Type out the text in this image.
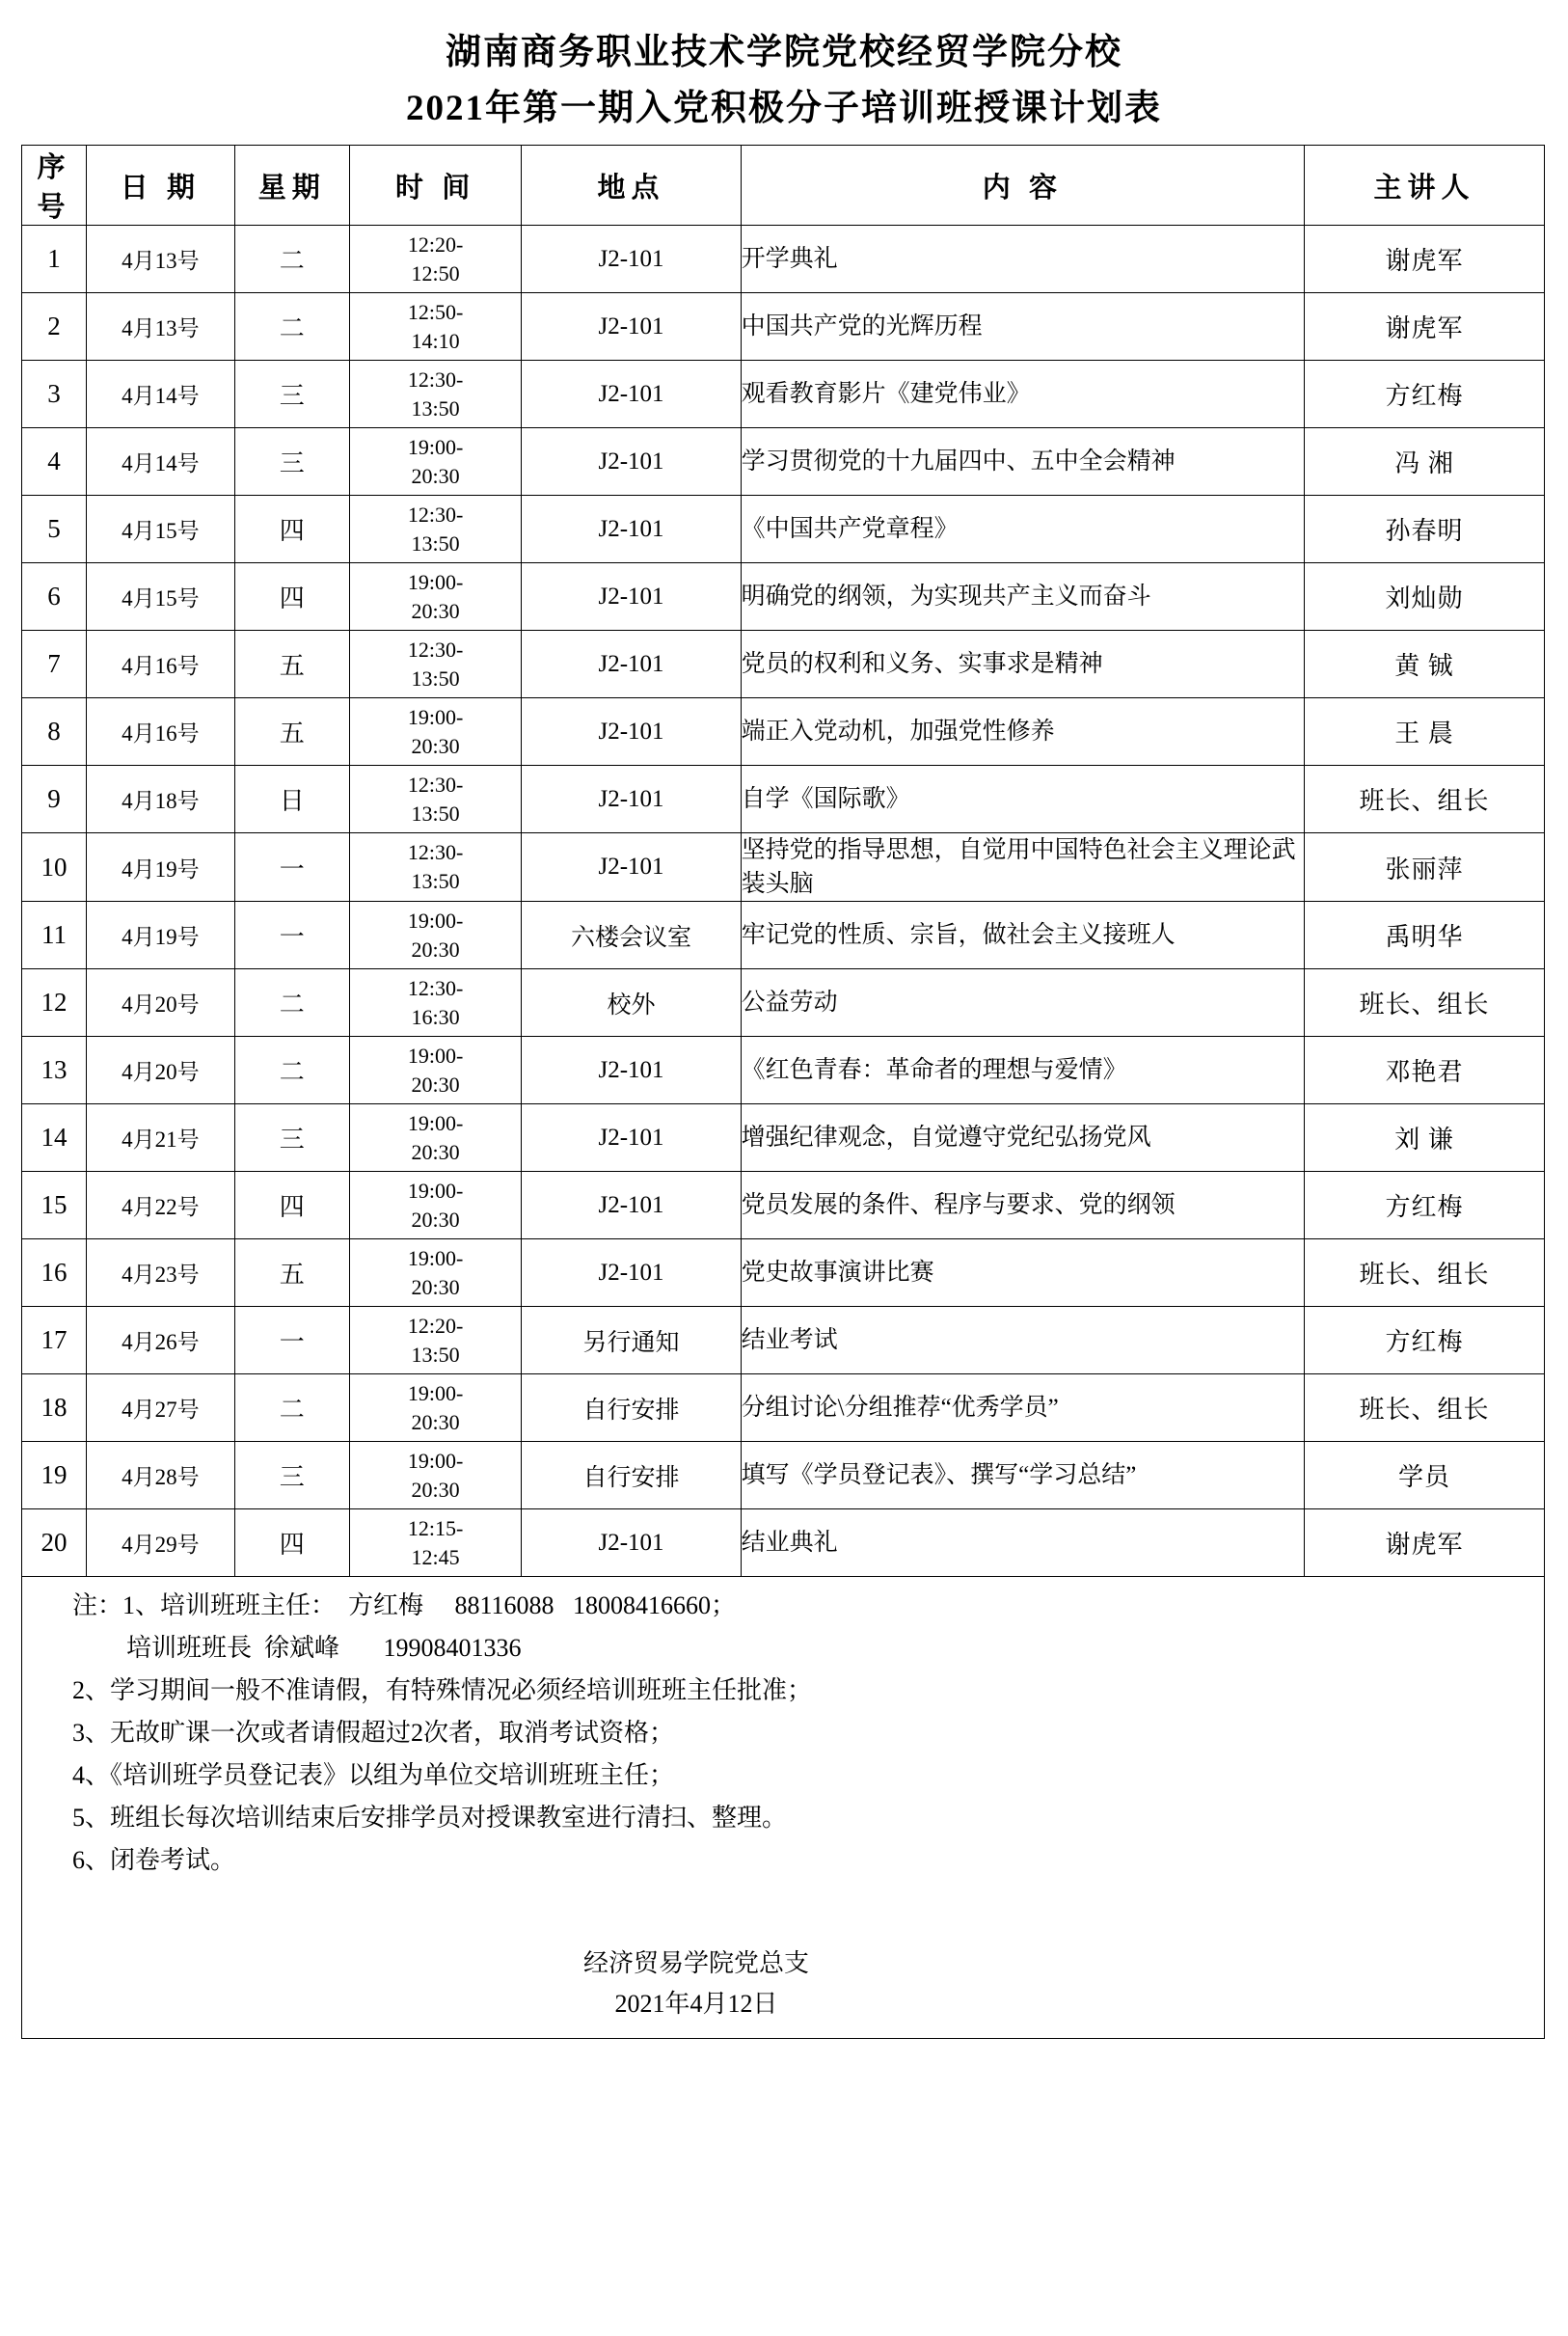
湖南商务职业技术学院党校经贸学院分校
2021年第一期入党积极分子培训班授课计划表
序号	日 期	星期	时 间	地点	内 容	主讲人
1	4月13号	二	12:20-
12:50	J2-101	开学典礼	谢虎军
2	4月13号	二	12:50-
14:10	J2-101	中国共产党的光辉历程	谢虎军
3	4月14号	三	12:30-
13:50	J2-101	观看教育影片《建党伟业》	方红梅
4	4月14号	三	19:00-
20:30	J2-101	学习贯彻党的十九届四中、五中全会精神	冯 湘
5	4月15号	四	12:30-
13:50	J2-101	《中国共产党章程》	孙春明
6	4月15号	四	19:00-
20:30	J2-101	明确党的纲领，为实现共产主义而奋斗	刘灿勋
7	4月16号	五	12:30-
13:50	J2-101	党员的权利和义务、实事求是精神	黄 铖
8	4月16号	五	19:00-
20:30	J2-101	端正入党动机，加强党性修养	王 晨
9	4月18号	日	12:30-
13:50	J2-101	自学《国际歌》	班长、组长
10	4月19号	一	12:30-
13:50	J2-101	坚持党的指导思想，自觉用中国特色社会主义理论武装头脑	张丽萍
11	4月19号	一	19:00-
20:30	六楼会议室	牢记党的性质、宗旨，做社会主义接班人	禹明华
12	4月20号	二	12:30-
16:30	校外	公益劳动	班长、组长
13	4月20号	二	19:00-
20:30	J2-101	《红色青春：革命者的理想与爱情》	邓艳君
14	4月21号	三	19:00-
20:30	J2-101	增强纪律观念，自觉遵守党纪弘扬党风	刘 谦
15	4月22号	四	19:00-
20:30	J2-101	党员发展的条件、程序与要求、党的纲领	方红梅
16	4月23号	五	19:00-
20:30	J2-101	党史故事演讲比赛	班长、组长
17	4月26号	一	12:20-
13:50	另行通知	结业考试	方红梅
18	4月27号	二	19:00-
20:30	自行安排	分组讨论\分组推荐“优秀学员”	班长、组长
19	4月28号	三	19:00-
20:30	自行安排	填写《学员登记表》、撰写“学习总结”	学员
20	4月29号	四	12:15-
12:45	J2-101	结业典礼	谢虎军
注：1、培训班班主任：  方红梅     88116088   18008416660；
培训班班長  徐斌峰       19908401336
2、学习期间一般不准请假，有特殊情况必须经培训班班主任批准；
3、无故旷课一次或者请假超过2次者，取消考试资格；
4、《培训班学员登记表》以组为单位交培训班班主任；
5、班组长每次培训结束后安排学员对授课教室进行清扫、整理。
6、闭卷考试。
经济贸易学院党总支
2021年4月12日
